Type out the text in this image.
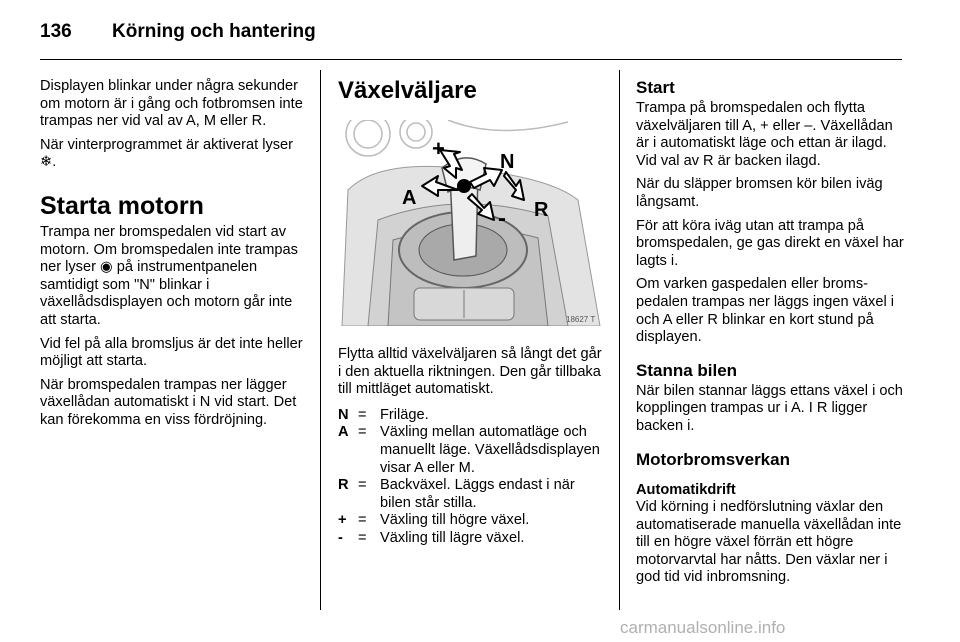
136	Körning och hantering

Displayen blinkar under några sekunder om motorn är i gång och fotbromsen inte trampas ner vid val av A, M eller R.

När vinterprogrammet är aktiverat lyser ❄.

Starta motorn

Trampa ner bromspedalen vid start av motorn. Om bromspedalen inte trampas ner lyser ◉ på instrumentpanelen samtidigt som "N" blinkar i växellådsdisplayen och motorn går inte att starta.

Vid fel på alla bromsljus är det inte heller möjligt att starta.

När bromspedalen trampas ner lägger växellådan automatiskt i N vid start. Det kan förekomma en viss fördröjning.

Växelväljare
+
A
N
R
-
18627 T

Flytta alltid växelväljaren så långt det går i den aktuella riktningen. Den går tillbaka till mittläget automatiskt.

N = Friläge.
A = Växling mellan automatläge och manuellt läge. Växellådsdisplayen visar A eller M.
R = Backväxel. Läggs endast i när bilen står stilla.
+ = Växling till högre växel.
-	= Växling till lägre växel.
Start

Trampa på bromspedalen och flytta växelväljaren till A, + eller –. Växellådan är i automatiskt läge och ettan är ilagd. Vid val av R är backen ilagd.

När du släpper bromsen kör bilen iväg långsamt.

För att köra iväg utan att trampa på bromspedalen, ge gas direkt en växel har lagts i.

Om varken gaspedalen eller bromspedalen trampas ner läggs ingen växel i och A eller R blinkar en kort stund på displayen.

Stanna bilen

När bilen stannar läggs ettans växel i och kopplingen trampas ur i A. I R ligger backen i.

Motorbromsverkan
Automatikdrift

Vid körning i nedförslutning växlar den automatiserade manuella växellådan inte till en högre växel förrän ett högre motorvarvtal har nåtts. Den växlar ner i god tid vid inbromsning.

carmanualsonline.info
